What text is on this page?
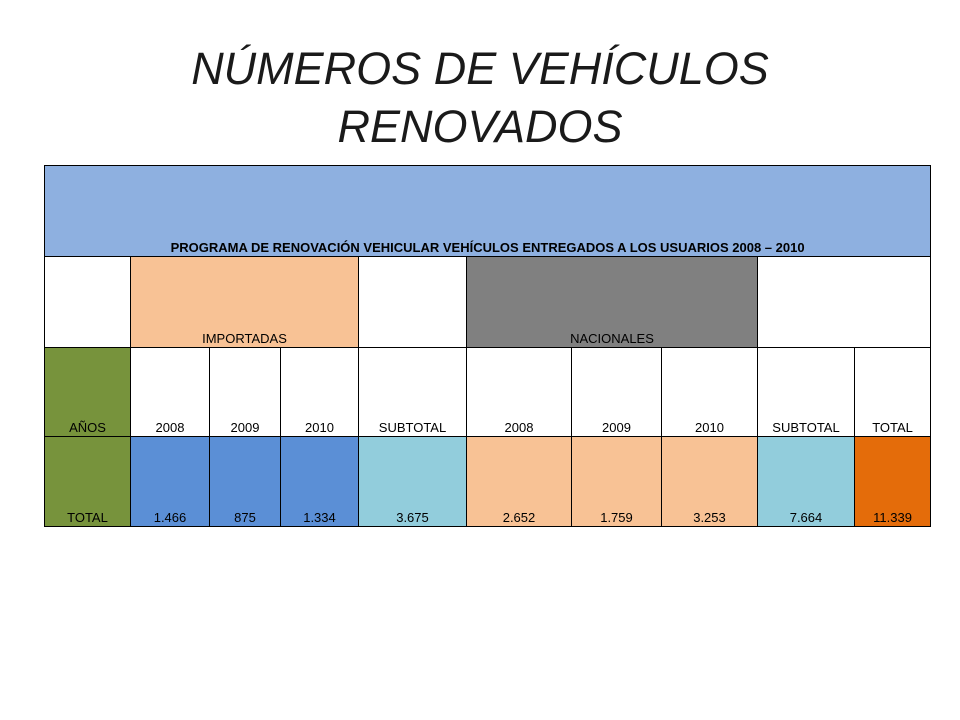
NÚMEROS DE VEHÍCULOS
RENOVADOS
PROGRAMA DE RENOVACIÓN VEHICULAR VEHÍCULOS ENTREGADOS A LOS USUARIOS 2008 – 2010									
	IMPORTADAS				NACIONALES				
AÑOS	2008	2009	2010	SUBTOTAL	2008	2009	2010	SUBTOTAL	TOTAL
TOTAL	1.466	875	1.334	3.675	2.652	1.759	3.253	7.664	11.339
